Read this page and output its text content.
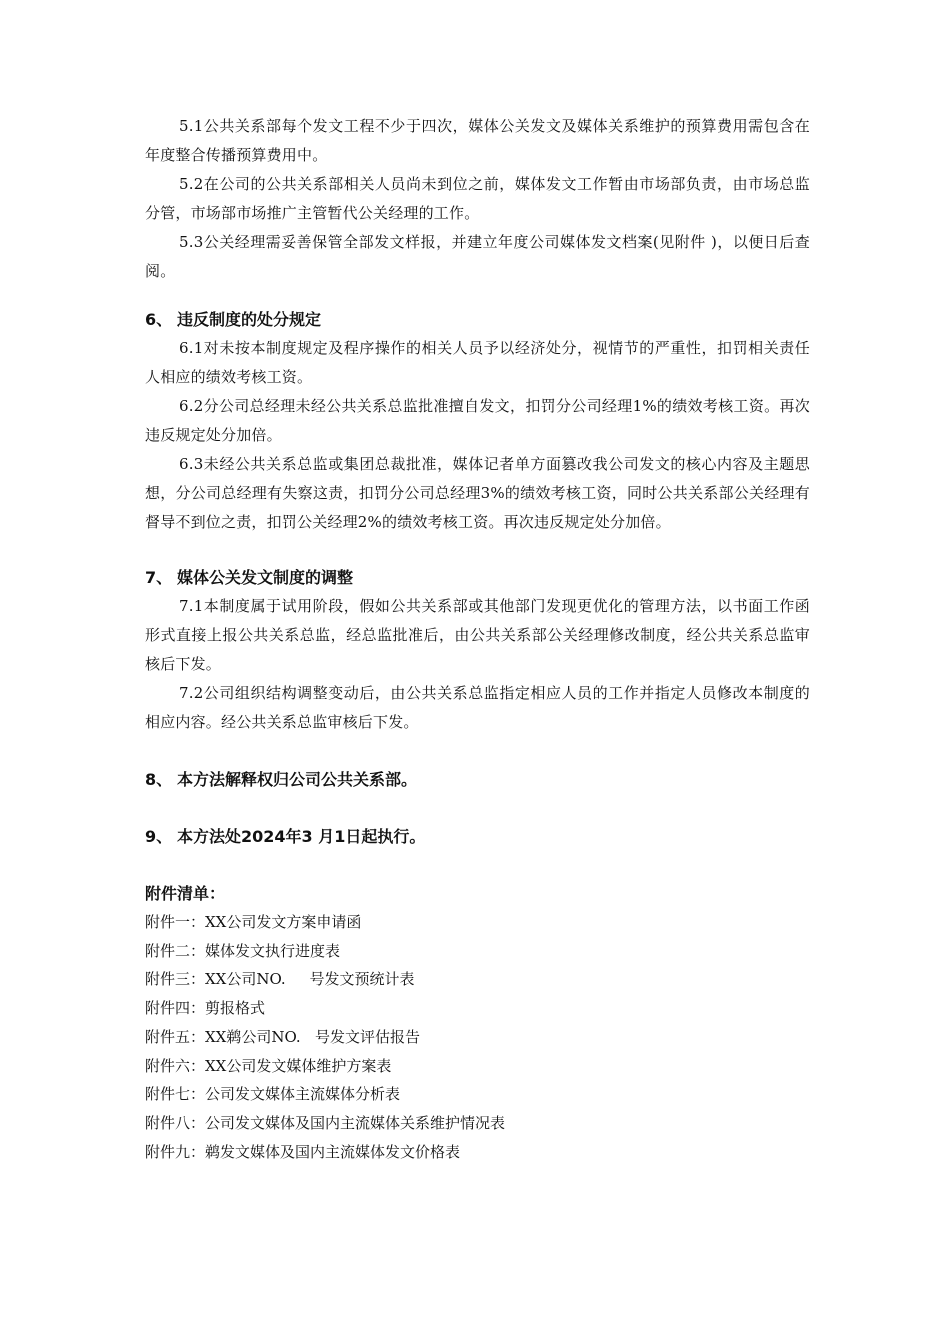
5.1公共关系部每个发文工程不少于四次，媒体公关发文及媒体关系维护的预算费用需包含在年度整合传播预算费用中。

5.2在公司的公共关系部相关人员尚未到位之前，媒体发文工作暂由市场部负责，由市场总监分管，市场部市场推广主管暂代公关经理的工作。

5.3公关经理需妥善保管全部发文样报，并建立年度公司媒体发文档案(见附件 )，以便日后查阅。

6、 违反制度的处分规定

6.1对未按本制度规定及程序操作的相关人员予以经济处分，视情节的严重性，扣罚相关责任人相应的绩效考核工资。

6.2分公司总经理未经公共关系总监批准擅自发文，扣罚分公司经理1%的绩效考核工资。再次违反规定处分加倍。

6.3未经公共关系总监或集团总裁批准，媒体记者单方面篡改我公司发文的核心内容及主题思想，分公司总经理有失察这责，扣罚分公司总经理3%的绩效考核工资，同时公共关系部公关经理有督导不到位之责，扣罚公关经理2%的绩效考核工资。再次违反规定处分加倍。

7、 媒体公关发文制度的调整

7.1本制度属于试用阶段，假如公共关系部或其他部门发现更优化的管理方法，以书面工作函形式直接上报公共关系总监，经总监批准后，由公共关系部公关经理修改制度，经公共关系总监审核后下发。

7.2公司组织结构调整变动后，由公共关系总监指定相应人员的工作并指定人员修改本制度的相应内容。经公共关系总监审核后下发。

8、 本方法解释权归公司公共关系部。
9、 本方法处2024年3 月1日起执行。
附件清单：
附件一：XX公司发文方案申请函
附件二：媒体发文执行进度表
附件三：XX公司NO.     号发文预统计表
附件四：剪报格式
附件五：XX鹈公司NO.   号发文评估报告
附件六：XX公司发文媒体维护方案表
附件七：公司发文媒体主流媒体分析表
附件八：公司发文媒体及国内主流媒体关系维护情况表
附件九：鹈发文媒体及国内主流媒体发文价格表
